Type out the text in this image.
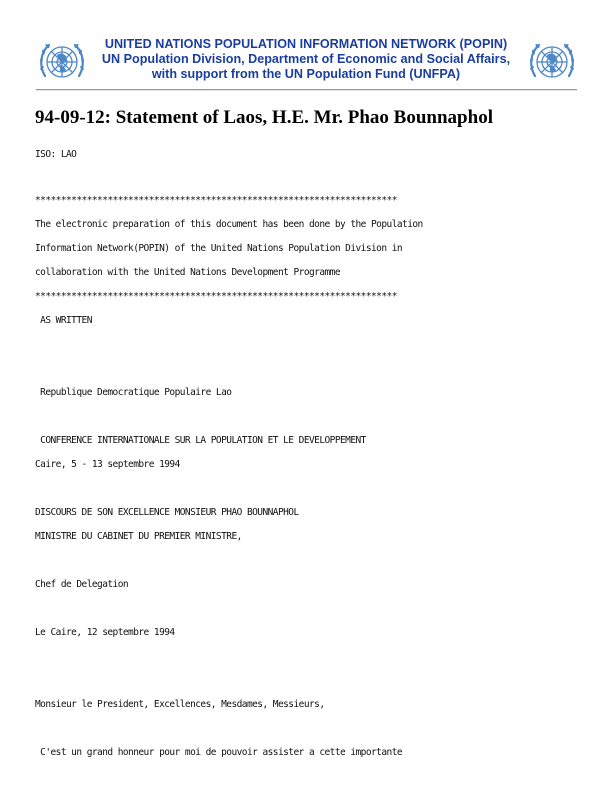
UNITED NATIONS POPULATION INFORMATION NETWORK (POPIN)
UN Population Division, Department of Economic and Social Affairs,
with support from the UN Population Fund (UNFPA)
94-09-12: Statement of Laos, H.E. Mr. Phao Bounnaphol
ISO: LAO
**********************************************************************
The electronic preparation of this document has been done by the Population
Information Network(POPIN) of the United Nations Population Division in
collaboration with the United Nations Development Programme
**********************************************************************
AS WRITTEN
Republique Democratique Populaire Lao
CONFERENCE INTERNATIONALE SUR LA POPULATION ET LE DEVELOPPEMENT
Caire, 5 - 13 septembre 1994
DISCOURS DE SON EXCELLENCE MONSIEUR PHAO BOUNNAPHOL
MINISTRE DU CABINET DU PREMIER MINISTRE,
Chef de Delegation
Le Caire, 12 septembre 1994
Monsieur le President, Excellences, Mesdames, Messieurs,
C'est un grand honneur pour moi de pouvoir assister a cette importante
